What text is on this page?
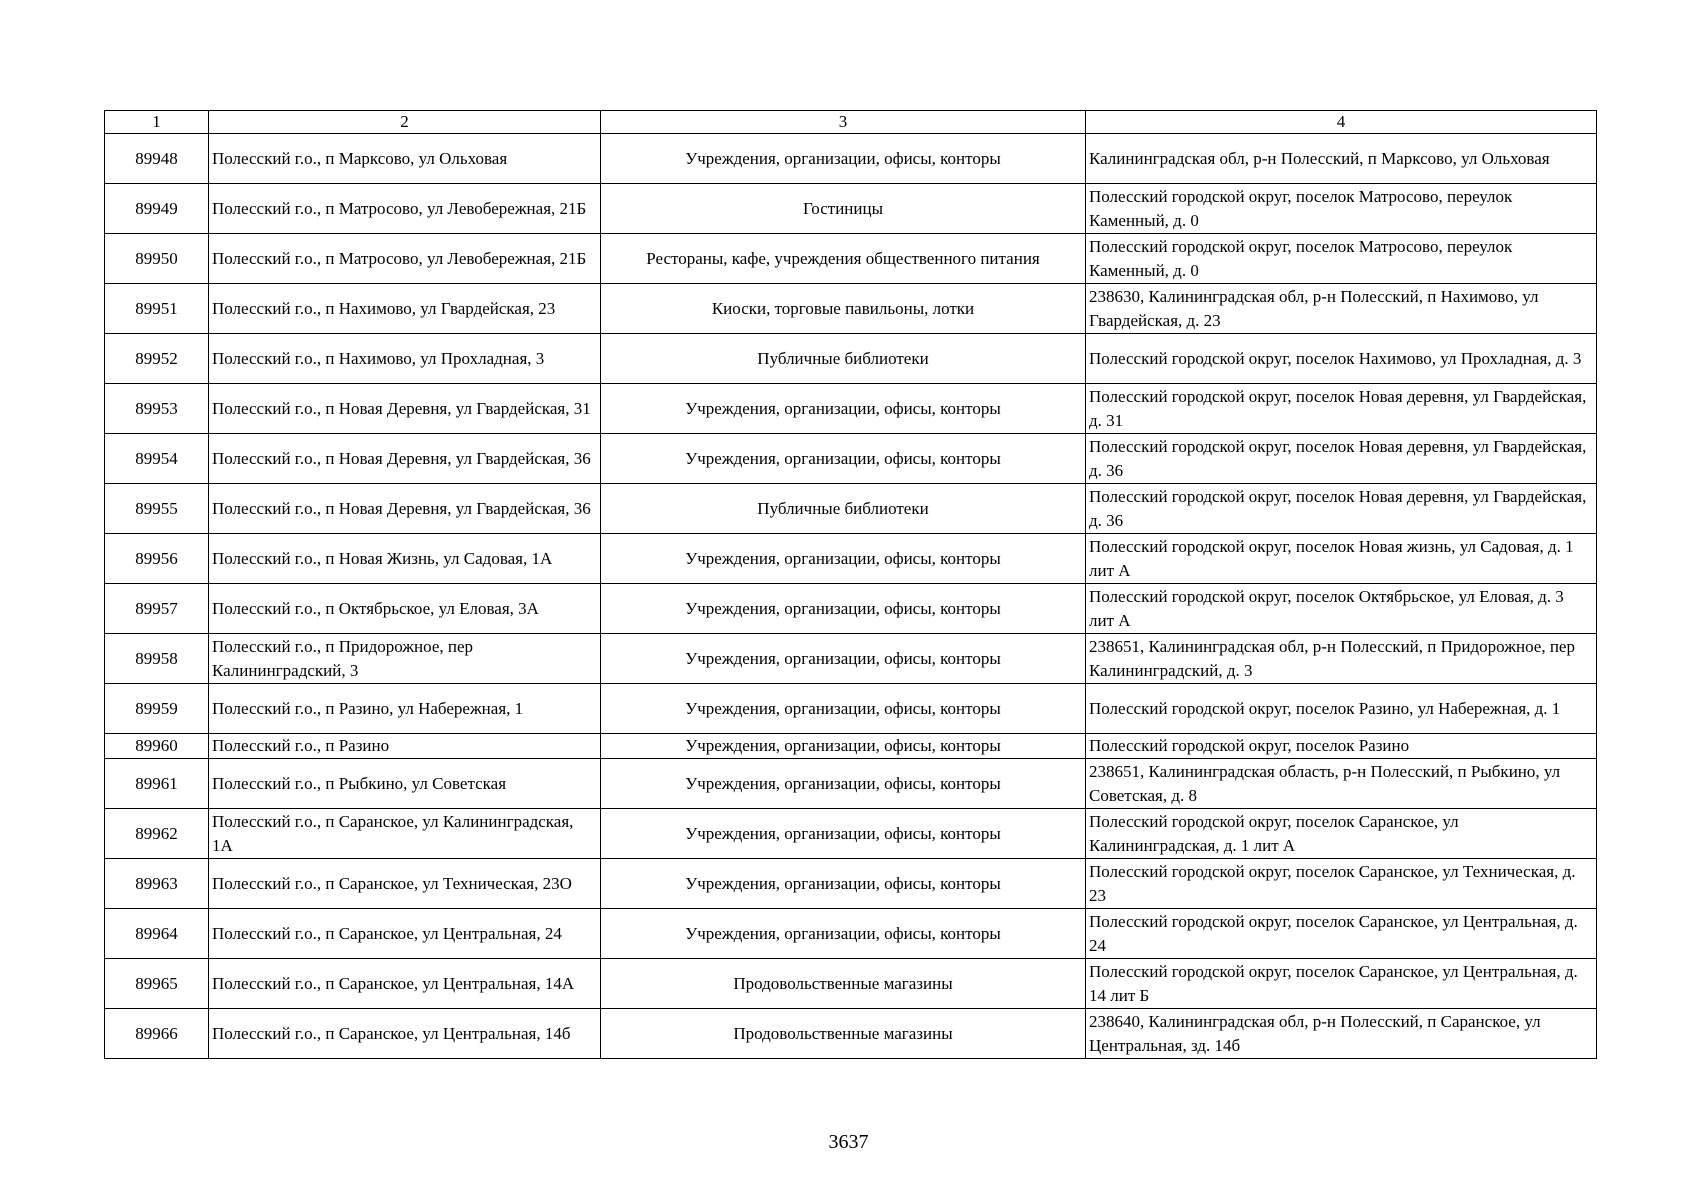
1	2	3	4
89948	Полесский г.о., п Марксово, ул Ольховая	Учреждения, организации, офисы, конторы	Калининградская обл, р-н Полесский, п Марксово, ул Ольховая
89949	Полесский г.о., п Матросово, ул Левобережная, 21Б	Гостиницы	Полесский городской округ, поселок Матросово, переулок Каменный, д. 0
89950	Полесский г.о., п Матросово, ул Левобережная, 21Б	Рестораны, кафе, учреждения общественного питания	Полесский городской округ, поселок Матросово, переулок Каменный, д. 0
89951	Полесский г.о., п Нахимово, ул Гвардейская, 23	Киоски, торговые павильоны, лотки	238630, Калининградская обл, р-н Полесский, п Нахимово, ул Гвардейская, д. 23
89952	Полесский г.о., п Нахимово, ул Прохладная, 3	Публичные библиотеки	Полесский городской округ, поселок Нахимово, ул Прохладная, д. 3
89953	Полесский г.о., п Новая Деревня, ул Гвардейская, 31	Учреждения, организации, офисы, конторы	Полесский городской округ, поселок Новая деревня, ул Гвардейская, д. 31
89954	Полесский г.о., п Новая Деревня, ул Гвардейская, 36	Учреждения, организации, офисы, конторы	Полесский городской округ, поселок Новая деревня, ул Гвардейская, д. 36
89955	Полесский г.о., п Новая Деревня, ул Гвардейская, 36	Публичные библиотеки	Полесский городской округ, поселок Новая деревня, ул Гвардейская, д. 36
89956	Полесский г.о., п Новая Жизнь, ул Садовая, 1А	Учреждения, организации, офисы, конторы	Полесский городской округ, поселок Новая жизнь, ул Садовая, д. 1 лит А
89957	Полесский г.о., п Октябрьское, ул Еловая, 3А	Учреждения, организации, офисы, конторы	Полесский городской округ, поселок Октябрьское, ул Еловая, д. 3 лит А
89958	Полесский г.о., п Придорожное, пер Калининградский, 3	Учреждения, организации, офисы, конторы	238651, Калининградская обл, р-н Полесский, п Придорожное, пер Калининградский, д. 3
89959	Полесский г.о., п Разино, ул Набережная, 1	Учреждения, организации, офисы, конторы	Полесский городской округ, поселок Разино, ул Набережная, д. 1
89960	Полесский г.о., п Разино	Учреждения, организации, офисы, конторы	Полесский городской округ, поселок Разино
89961	Полесский г.о., п Рыбкино, ул Советская	Учреждения, организации, офисы, конторы	238651, Калининградская область, р-н Полесский, п Рыбкино, ул Советская, д. 8
89962	Полесский г.о., п Саранское, ул Калининградская, 1А	Учреждения, организации, офисы, конторы	Полесский городской округ, поселок Саранское, ул Калининградская, д. 1 лит А
89963	Полесский г.о., п Саранское, ул Техническая, 23О	Учреждения, организации, офисы, конторы	Полесский городской округ, поселок Саранское, ул Техническая, д. 23
89964	Полесский г.о., п Саранское, ул Центральная, 24	Учреждения, организации, офисы, конторы	Полесский городской округ, поселок Саранское, ул Центральная, д. 24
89965	Полесский г.о., п Саранское, ул Центральная, 14А	Продовольственные магазины	Полесский городской округ, поселок Саранское, ул Центральная, д. 14 лит Б
89966	Полесский г.о., п Саранское, ул Центральная, 14б	Продовольственные магазины	238640, Калининградская обл, р-н Полесский, п Саранское, ул Центральная, зд. 14б
3637
